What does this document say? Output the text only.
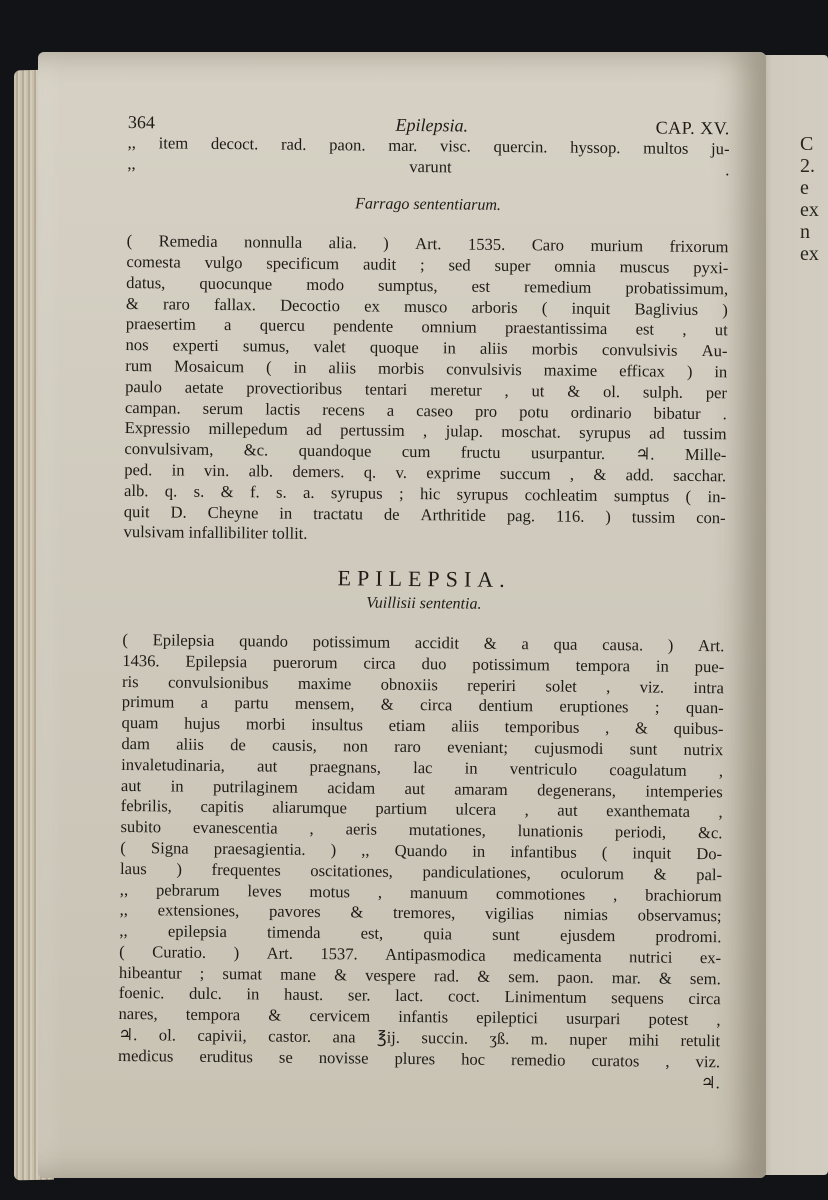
C
2.
e
ex
n
ex
364	Epilepsia.	CAP. XV.
,, item decoct. rad. paon. mar. visc. quercin. hyssop. multos ju-
,,	varunt	.
Farrago sententiarum.
( Remedia nonnulla alia. ) Art. 1535. Caro murium frixorum
comesta vulgo specificum audit ; sed super omnia muscus pyxi-
datus, quocunque modo sumptus, est remedium probatissimum,
& raro fallax. Decoctio ex musco arboris ( inquit Baglivius )
praesertim a quercu pendente omnium praestantissima est , ut
nos experti sumus, valet quoque in aliis morbis convulsivis Au-
rum Mosaicum ( in aliis morbis convulsivis maxime efficax ) in
paulo aetate provectioribus tentari meretur , ut & ol. sulph. per
campan. serum lactis recens a caseo pro potu ordinario bibatur .
Expressio millepedum ad pertussim , julap. moschat. syrupus ad tussim
convulsivam, &c. quandoque cum fructu usurpantur. ♃. Mille-
ped. in vin. alb. demers. q. v. exprime succum , & add. sacchar.
alb. q. s. & f. s. a. syrupus ; hic syrupus cochleatim sumptus ( in-
quit D. Cheyne in tractatu de Arthritide pag. 116. ) tussim con-
vulsivam infallibiliter tollit.
EPILEPSIA.
Vuillisii sententia.
( Epilepsia quando potissimum accidit & a qua causa. ) Art.
1436. Epilepsia puerorum circa duo potissimum tempora in pue-
ris convulsionibus maxime obnoxiis reperiri solet , viz. intra
primum a partu mensem, & circa dentium eruptiones ; quan-
quam hujus morbi insultus etiam aliis temporibus , & quibus-
dam aliis de causis, non raro eveniant; cujusmodi sunt nutrix
invaletudinaria, aut praegnans, lac in ventriculo coagulatum ,
aut in putrilaginem acidam aut amaram degenerans, intemperies
febrilis, capitis aliarumque partium ulcera , aut exanthemata ,
subito evanescentia , aeris mutationes, lunationis periodi, &c.
( Signa praesagientia. ) ,, Quando in infantibus ( inquit Do-
laus ) frequentes oscitationes, pandiculationes, oculorum & pal-
,, pebrarum leves motus , manuum commotiones , brachiorum
,, extensiones, pavores & tremores, vigilias nimias observamus;
,, epilepsia timenda est, quia sunt ejusdem prodromi.
( Curatio. ) Art. 1537. Antipasmodica medicamenta nutrici ex-
hibeantur ; sumat mane & vespere rad. & sem. paon. mar. & sem.
foenic. dulc. in haust. ser. lact. coct. Linimentum sequens circa
nares, tempora & cervicem infantis epileptici usurpari potest ,
♃. ol. capivii, castor. ana ℥ij. succin. ʒß. m. nuper mihi retulit
medicus eruditus se novisse plures hoc remedio curatos , viz.
♃.
